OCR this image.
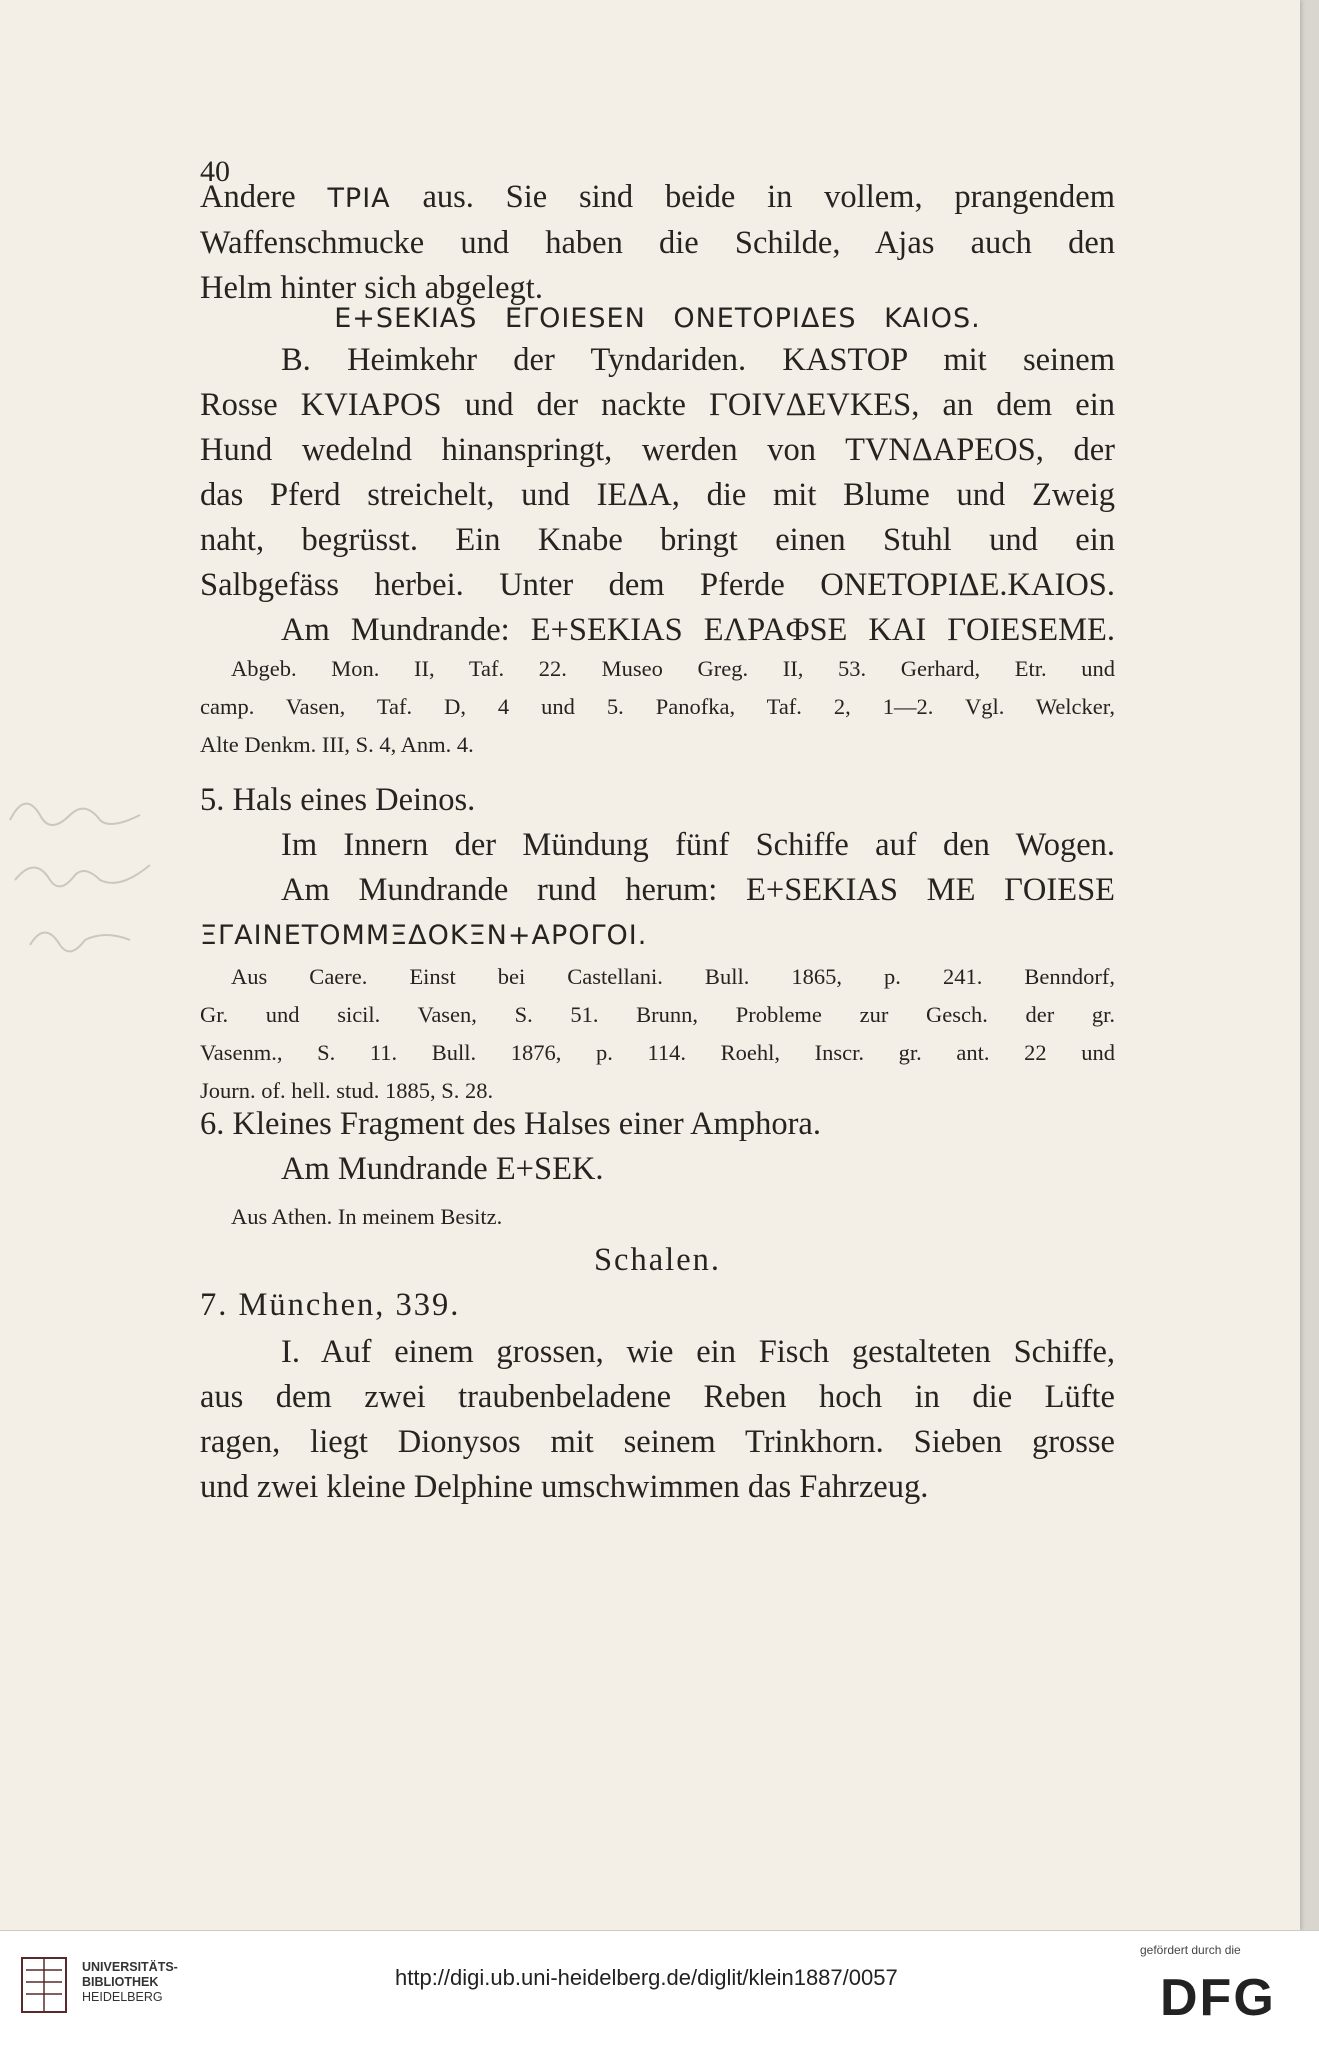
40
Andere TPIA aus. Sie sind beide in vollem, prangendem
Waffenschmucke und haben die Schilde, Ajas auch den
Helm hinter sich abgelegt.
E+SEKIAS EΓOIESEN ONETOPIΔES KAIOS.
B. Heimkehr der Tyndariden. KASTOP mit seinem
Rosse KVIAPOS und der nackte ΓOIVΔEVKES, an dem ein
Hund wedelnd hinanspringt, werden von TVNΔAPEOS, der
das Pferd streichelt, und IEΔA, die mit Blume und Zweig
naht, begrüsst. Ein Knabe bringt einen Stuhl und ein
Salbgefäss herbei. Unter dem Pferde ONETOPIΔE.KAIOS.
Am Mundrande: E+SEKIAS EΛPAΦSE KAI ΓOIESEME.
Abgeb. Mon. II, Taf. 22. Museo Greg. II, 53. Gerhard, Etr. und
camp. Vasen, Taf. D, 4 und 5. Panofka, Taf. 2, 1—2. Vgl. Welcker,
Alte Denkm. III, S. 4, Anm. 4.
5. Hals eines Deinos.
Im Innern der Mündung fünf Schiffe auf den Wogen.
Am Mundrande rund herum: E+SEKIAS ME ΓOIESE
ΞΓAINETOMMΞΔOKΞN+APOΓOI.
Aus Caere. Einst bei Castellani. Bull. 1865, p. 241. Benndorf,
Gr. und sicil. Vasen, S. 51. Brunn, Probleme zur Gesch. der gr.
Vasenm., S. 11. Bull. 1876, p. 114. Roehl, Inscr. gr. ant. 22 und
Journ. of. hell. stud. 1885, S. 28.
6. Kleines Fragment des Halses einer Amphora.
Am Mundrande E+SEK.
Aus Athen. In meinem Besitz.
Schalen.
7. München, 339.
I. Auf einem grossen, wie ein Fisch gestalteten Schiffe,
aus dem zwei traubenbeladene Reben hoch in die Lüfte
ragen, liegt Dionysos mit seinem Trinkhorn. Sieben grosse
und zwei kleine Delphine umschwimmen das Fahrzeug.
UNIVERSITÄTS-
BIBLIOTHEK
HEIDELBERG
http://digi.ub.uni-heidelberg.de/diglit/klein1887/0057
gefördert durch die
DFG
